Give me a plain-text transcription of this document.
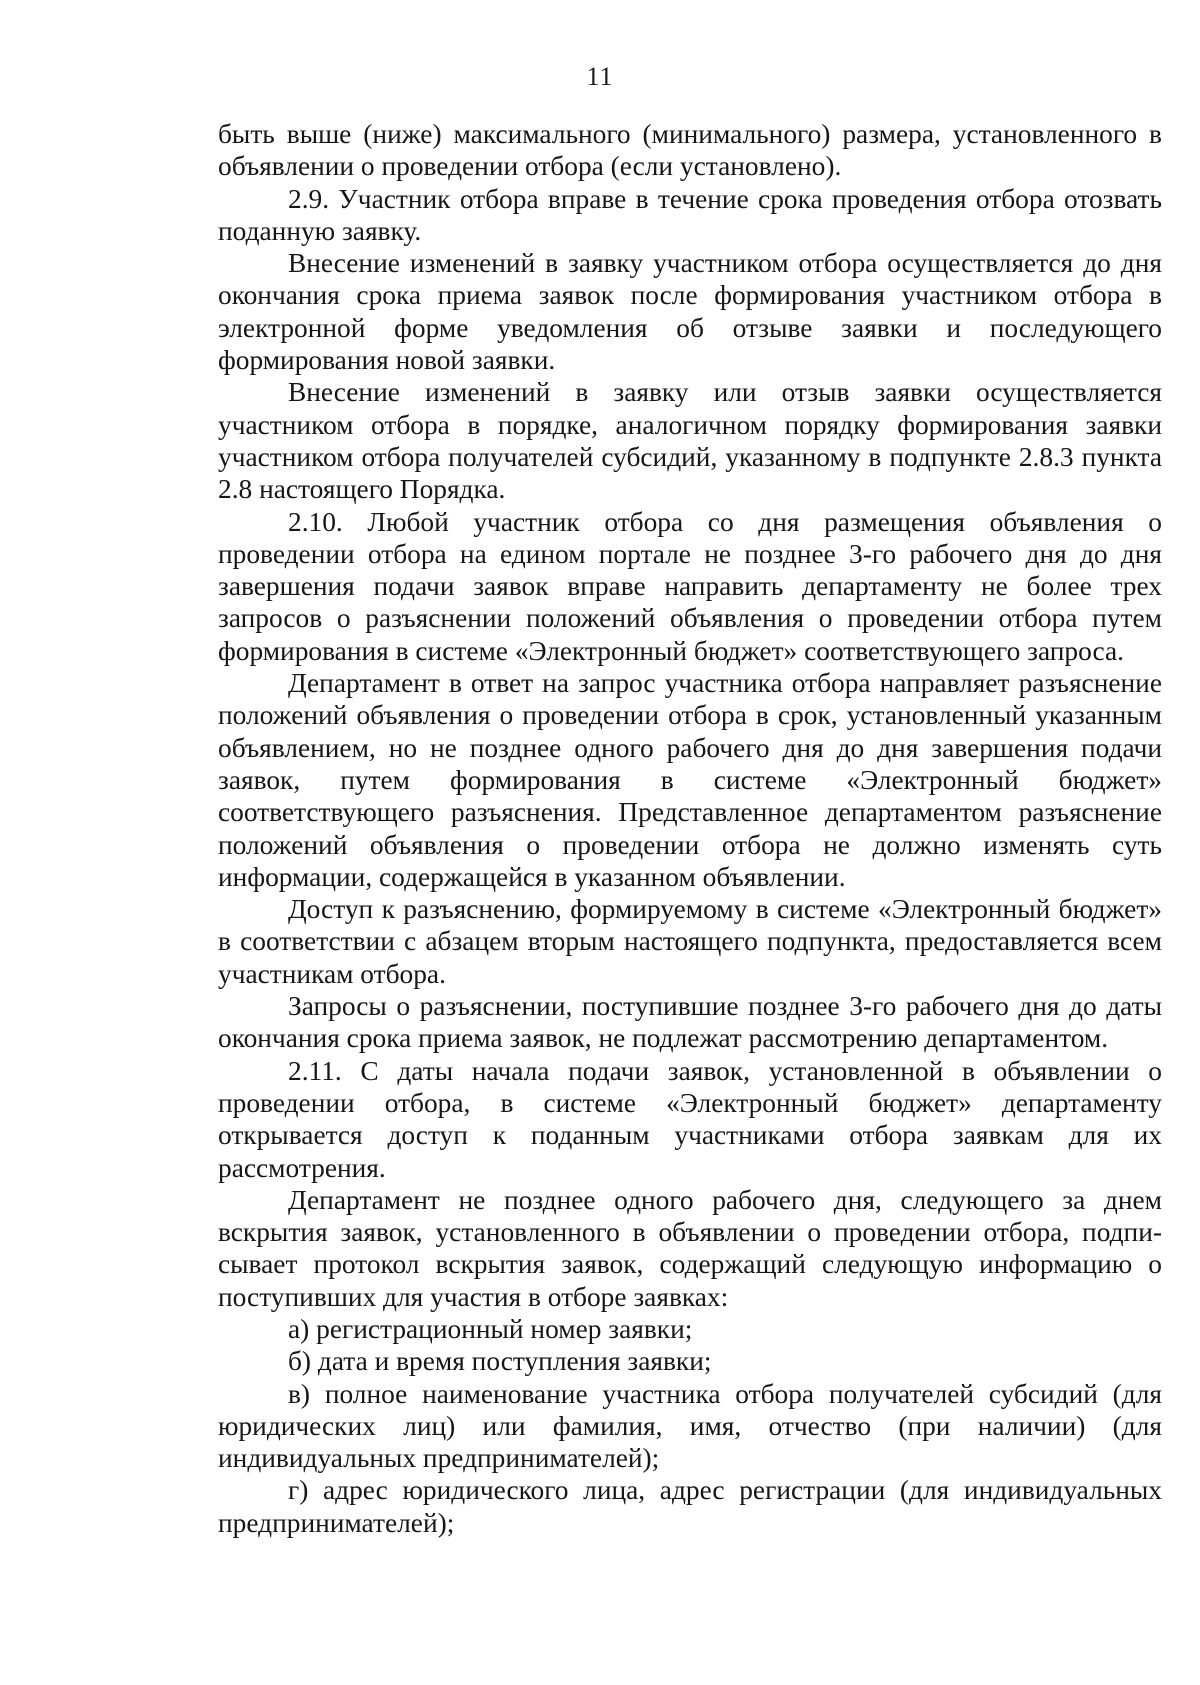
11

быть выше (ниже) максимального (минимального) размера, установленного в объявлении о проведении отбора (если установлено).

2.9. Участник отбора вправе в течение срока проведения отбора отозвать поданную заявку.

Внесение изменений в заявку участником отбора осуществляется до дня окончания срока приема заявок после формирования участником отбора в электронной форме уведомления об отзыве заявки и последующего формирования новой заявки.

Внесение изменений в заявку или отзыв заявки осуществляется участником отбора в порядке, аналогичном порядку формирования заявки участником отбора получателей субсидий, указанному в подпункте 2.8.3 пункта 2.8 настоящего Порядка.

2.10. Любой участник отбора со дня размещения объявления о проведении отбора на едином портале не позднее 3-го рабочего дня до дня завершения подачи заявок вправе направить департаменту не более трех запросов о разъяснении положений объявления о проведении отбора путем формирования в системе «Электронный бюджет» соответствующего запроса.

Департамент в ответ на запрос участника отбора направляет разъяснение положений объявления о проведении отбора в срок, установленный указанным объявлением, но не позднее одного рабочего дня до дня завершения подачи заявок, путем формирования в системе «Электронный бюджет» соответствующего разъяснения. Представленное департаментом разъяснение положений объявления о проведении отбора не должно изменять суть информации, содержащейся в указанном объявлении.

Доступ к разъяснению, формируемому в системе «Электронный бюджет» в соответствии с абзацем вторым настоящего подпункта, предоставляется всем участникам отбора.

Запросы о разъяснении, поступившие позднее 3-го рабочего дня до даты окончания срока приема заявок, не подлежат рассмотрению департаментом.

2.11. С даты начала подачи заявок, установленной в объявлении о проведении отбора, в системе «Электронный бюджет» департаменту открывается доступ к поданным участниками отбора заявкам для их рассмотрения.

Департамент не позднее одного рабочего дня, следующего за днем вскрытия заявок, установленного в объявлении о проведении отбора, подписывает протокол вскрытия заявок, содержащий следующую информацию о поступивших для участия в отборе заявках:

а) регистрационный номер заявки;

б) дата и время поступления заявки;

в) полное наименование участника отбора получателей субсидий (для юридических лиц) или фамилия, имя, отчество (при наличии) (для индивидуальных предпринимателей);

г) адрес юридического лица, адрес регистрации (для индивидуальных предпринимателей);
